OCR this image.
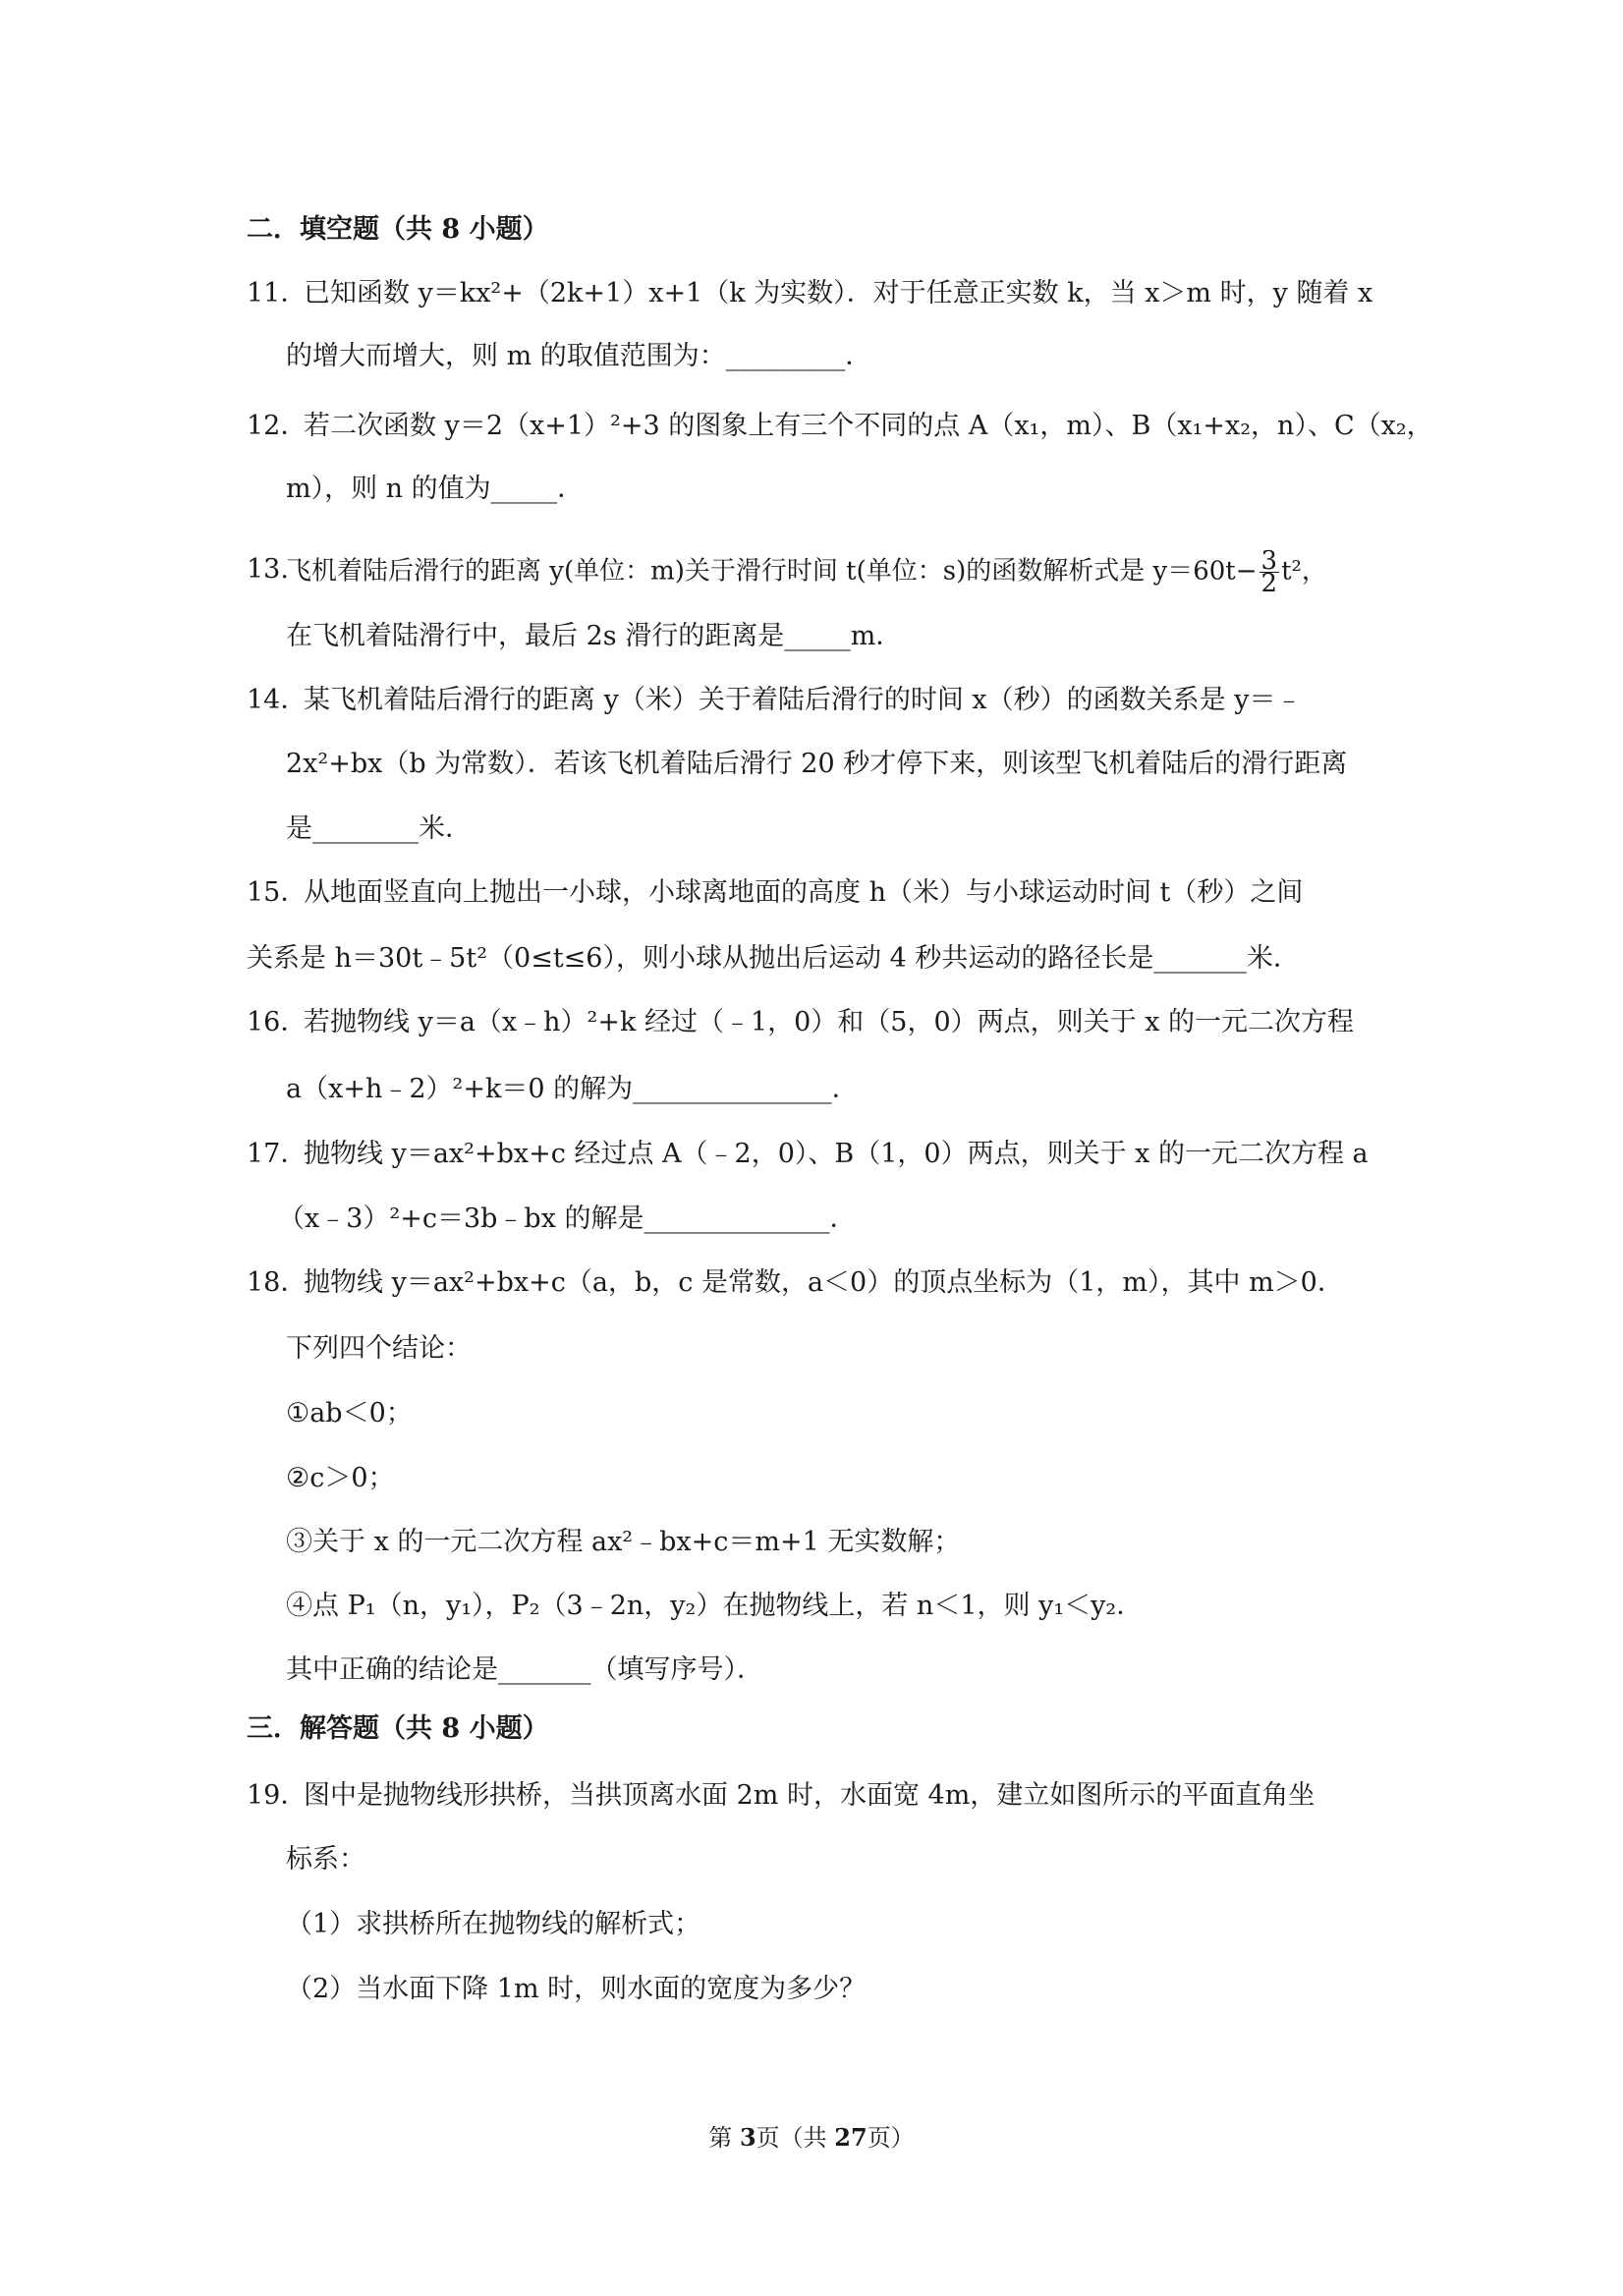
二．填空题（共 8 小题）
11．
已知函数 y＝kx²+（2k+1）x+1（k 为实数）．对于任意正实数 k，当 x＞m 时，y 随着 x
的增大而增大，则 m 的取值范围为：_________．
12．
若二次函数 y＝2（x+1）²+3 的图象上有三个不同的点 A（x₁，m）、B（x₁+x₂，n）、C（x₂，
m），则 n 的值为_____．
13.
飞机着陆后滑行的距离 y(单位：m)关于滑行时间 t(单位：s)的函数解析式是 $y=60t- \frac{3}{2} t^2$，
在飞机着陆滑行中，最后 2s 滑行的距离是_____m．
14．
某飞机着陆后滑行的距离 y（米）关于着陆后滑行的时间 x（秒）的函数关系是 y＝﹣
2x²+bx（b 为常数）．若该飞机着陆后滑行 20 秒才停下来，则该型飞机着陆后的滑行距离
是________米．
15．
从地面竖直向上抛出一小球，小球离地面的高度 h（米）与小球运动时间 t（秒）之间
关系是 h＝30t﹣5t²（0≤t≤6），则小球从抛出后运动 4 秒共运动的路径长是_______米．
16．
若抛物线 y＝a（x﹣h）²+k 经过（﹣1，0）和（5，0）两点，则关于 x 的一元二次方程
a（x+h﹣2）²+k＝0 的解为_______________．
17．
抛物线 y＝ax²+bx+c 经过点 A（﹣2，0）、B（1，0）两点，则关于 x 的一元二次方程 a
（x﹣3）²+c＝3b﹣bx 的解是______________．
18．
抛物线 y＝ax²+bx+c（a，b，c 是常数，a＜0）的顶点坐标为（1，m），其中 m＞0．
下列四个结论：
①ab＜0；
②c＞0；
③关于 x 的一元二次方程 ax²﹣bx+c＝m+1 无实数解；
④点 P₁（n，y₁），P₂（3﹣2n，y₂）在抛物线上，若 n＜1，则 y₁＜y₂．
其中正确的结论是_______（填写序号）．
三．解答题（共 8 小题）
19．
图中是抛物线形拱桥，当拱顶离水面 2m 时，水面宽 4m，建立如图所示的平面直角坐
标系：
（1）求拱桥所在抛物线的解析式；
（2）当水面下降 1m 时，则水面的宽度为多少？
第 3页（共 27页）
